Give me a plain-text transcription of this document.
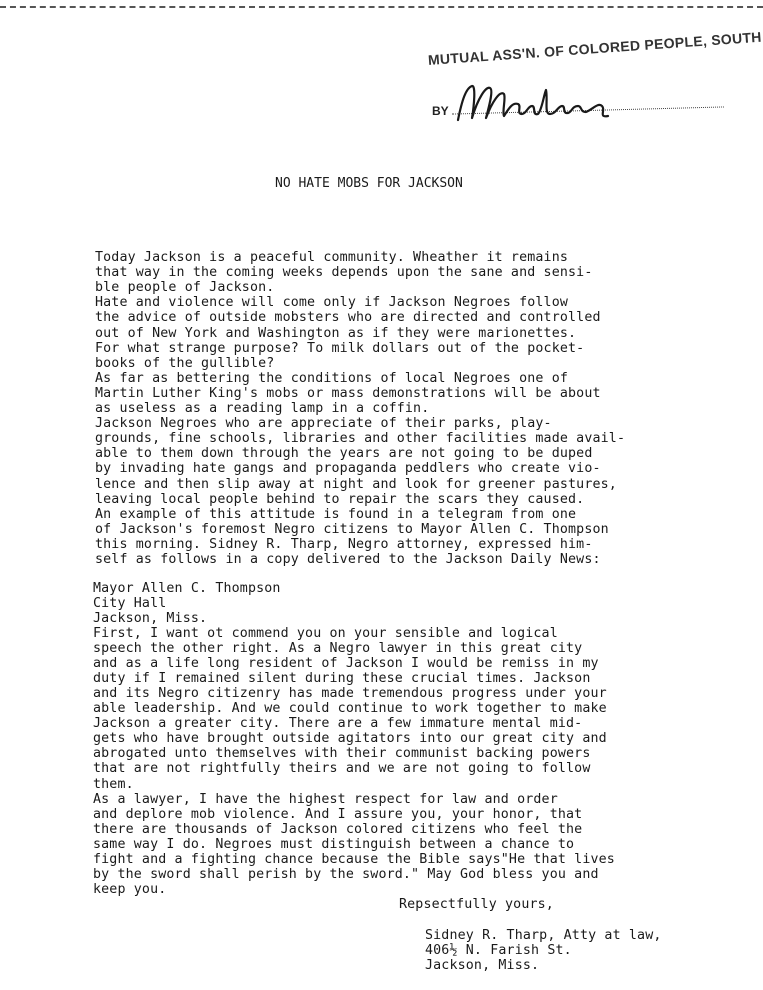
MUTUAL ASS'N. OF COLORED PEOPLE, SOUTH
BY
NO HATE MOBS FOR JACKSON
Today Jackson is a peaceful community. Wheather it remains
that way in the coming weeks depends upon the sane and sensi-
ble people of Jackson.
Hate and violence will come only if Jackson Negroes follow
the advice of outside mobsters who are directed and controlled
out of New York and Washington as if they were marionettes.
For what strange purpose? To milk dollars out of the pocket-
books of the gullible?
As far as bettering the conditions of local Negroes one of
Martin Luther King's mobs or mass demonstrations will be about
as useless as a reading lamp in a coffin.
Jackson Negroes who are appreciate of their parks, play-
grounds, fine schools, libraries and other facilities made avail-
able to them down through the years are not going to be duped
by invading hate gangs and propaganda peddlers who create vio-
lence and then slip away at night and look for greener pastures,
leaving local people behind to repair the scars they caused.
An example of this attitude is found in a telegram from one
of Jackson's foremost Negro citizens to Mayor Allen C. Thompson
this morning. Sidney R. Tharp, Negro attorney, expressed him-
self as follows in a copy delivered to the Jackson Daily News:
Mayor Allen C. Thompson
City Hall
Jackson, Miss.
First, I want ot commend you on your sensible and logical
speech the other right. As a Negro lawyer in this great city
and as a life long resident of Jackson I would be remiss in my
duty if I remained silent during these crucial times. Jackson
and its Negro citizenry has made tremendous progress under your
able leadership. And we could continue to work together to make
Jackson a greater city. There are a few immature mental mid-
gets who have brought outside agitators into our great city and
abrogated unto themselves with their communist backing powers
that are not rightfully theirs and we are not going to follow
them.
As a lawyer, I have the highest respect for law and order
and deplore mob violence. And I assure you, your honor, that
there are thousands of Jackson colored citizens who feel the
same way I do. Negroes must distinguish between a chance to
fight and a fighting chance because the Bible says"He that lives
by the sword shall perish by the sword." May God bless you and
keep you.
Repsectfully yours,
Sidney R. Tharp, Atty at law,
406½ N. Farish St.
Jackson, Miss.
